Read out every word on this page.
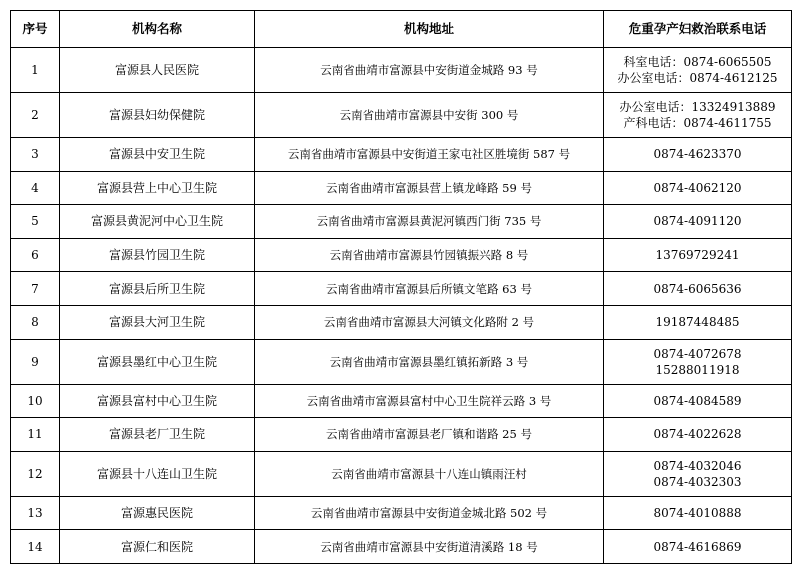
序号	机构名称	机构地址	危重孕产妇救治联系电话
1	富源县人民医院	云南省曲靖市富源县中安街道金城路 93 号	科室电话：0874-6065505
办公室电话：0874-4612125

2	富源县妇幼保健院	云南省曲靖市富源县中安街 300 号	办公室电话：13324913889
产科电话：0874-4611755

3	富源县中安卫生院	云南省曲靖市富源县中安街道王家屯社区胜境街 587 号	0874-4623370

4	富源县营上中心卫生院	云南省曲靖市富源县营上镇龙峰路 59 号	0874-4062120

5	富源县黄泥河中心卫生院	云南省曲靖市富源县黄泥河镇西门街 735 号	0874-4091120

6	富源县竹园卫生院	云南省曲靖市富源县竹园镇振兴路 8 号	13769729241

7	富源县后所卫生院	云南省曲靖市富源县后所镇文笔路 63 号	0874-6065636

8	富源县大河卫生院	云南省曲靖市富源县大河镇文化路附 2 号	19187448485

9	富源县墨红中心卫生院	云南省曲靖市富源县墨红镇拓新路 3 号	0874-4072678
15288011918

10	富源县富村中心卫生院	云南省曲靖市富源县富村中心卫生院祥云路 3 号	0874-4084589

11	富源县老厂卫生院	云南省曲靖市富源县老厂镇和谐路 25 号	0874-4022628

12	富源县十八连山卫生院	云南省曲靖市富源县十八连山镇雨汪村	0874-4032046
0874-4032303

13	富源惠民医院	云南省曲靖市富源县中安街道金城北路 502 号	8074-4010888

14	富源仁和医院	云南省曲靖市富源县中安街道清溪路 18 号	0874-4616869
